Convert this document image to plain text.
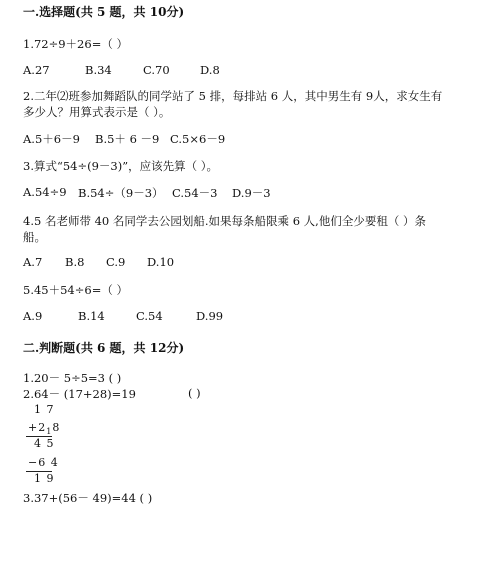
一.选择题(共 5 题，共 10分)
1.72÷9＋26=（ ）
A.27	B.34	C.70	D.8
2.二年⑵班参加舞蹈队的同学站了 5 排，每排站 6 人，其中男生有 9人，求女生有
多少人？用算式表示是（ ）。
A.5＋6－9 B.5＋ 6 －9 C.5×6－9
3.算式“54÷(9－3)”，应该先算（ ）。
A.54÷9 B.54÷（9－3） C.54－3 D.9－3
4.5 名老师带 40 名同学去公园划船.如果每条船限乘 6 人,他们全少要租（ ）条
船。
A.7 B.8 C.9 D.10
5.45＋54÷6=（ ）
A.9	B.14	C.54	D.99
二.判断题(共 6 题，共 12分)
1.20－ 5÷5=3 ( )
2.64－ (17+28)=19	( )
1 7
$+2_18$
4 5
−6 4
1 9
3.37+(56－ 49)=44 ( )
